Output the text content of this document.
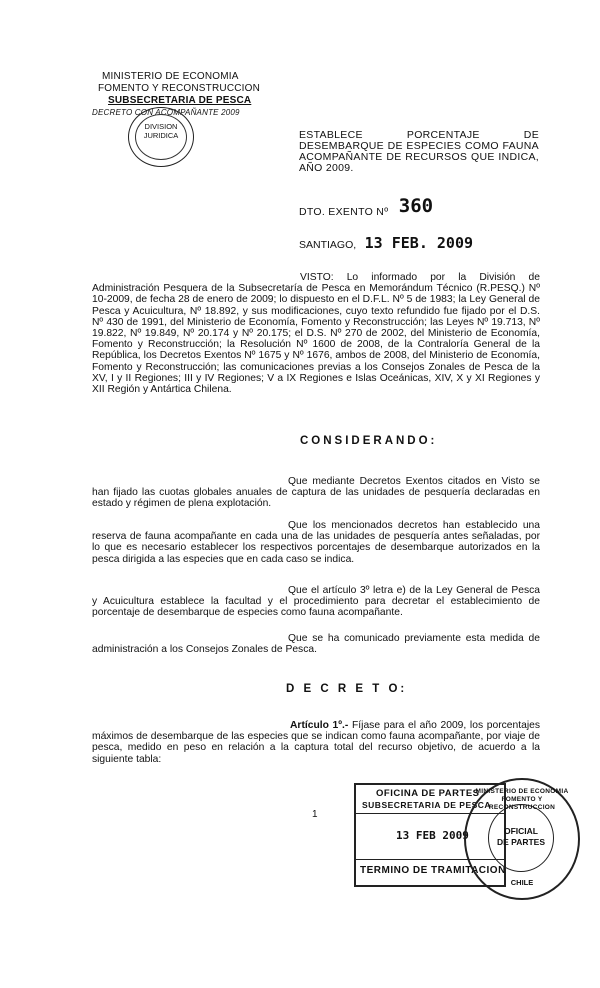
MINISTERIO DE ECONOMIA
FOMENTO Y RECONSTRUCCION
SUBSECRETARIA DE PESCA
DECRETO CON ACOMPAÑANTE 2009
DIVISION
JURIDICA	ESTABLECE PORCENTAJE DE DESEMBARQUE DE ESPECIES COMO FAUNA ACOMPAÑANTE DE RECURSOS QUE INDICA, AÑO 2009.
DTO. EXENTO Nº 360
SANTIAGO, 13 FEB. 2009
VISTO: Lo informado por la División de Administración Pesquera de la Subsecretaría de Pesca en Memorándum Técnico (R.PESQ.) Nº 10-2009, de fecha 28 de enero de 2009; lo dispuesto en el D.F.L. Nº 5 de 1983; la Ley General de Pesca y Acuicultura, Nº 18.892, y sus modificaciones, cuyo texto refundido fue fijado por el D.S. Nº 430 de 1991, del Ministerio de Economía, Fomento y Reconstrucción; las Leyes Nº 19.713, Nº 19.822, Nº 19.849, Nº 20.174 y Nº 20.175; el D.S. Nº 270 de 2002, del Ministerio de Economía, Fomento y Reconstrucción; la Resolución Nº 1600 de 2008, de la Contraloría General de la República, los Decretos Exentos Nº 1675 y Nº 1676, ambos de 2008, del Ministerio de Economía, Fomento y Reconstrucción; las comunicaciones previas a los Consejos Zonales de Pesca de la XV, I y II Regiones; III y IV Regiones; V a IX Regiones e Islas Oceánicas, XIV, X y XI Regiones y XII Región y Antártica Chilena.
CONSIDERANDO:
Que mediante Decretos Exentos citados en Visto se han fijado las cuotas globales anuales de captura de las unidades de pesquería declaradas en estado y régimen de plena explotación.
Que los mencionados decretos han establecido una reserva de fauna acompañante en cada una de las unidades de pesquería antes señaladas, por lo que es necesario establecer los respectivos porcentajes de desembarque autorizados en la pesca dirigida a las especies que en cada caso se indica.
Que el artículo 3º letra e) de la Ley General de Pesca y Acuicultura establece la facultad y el procedimiento para decretar el establecimiento de porcentaje de desembarque de especies como fauna acompañante.
Que se ha comunicado previamente esta medida de administración a los Consejos Zonales de Pesca.
D E C R E T O:
Artículo 1º.- Fíjase para el año 2009, los porcentajes máximos de desembarque de las especies que se indican como fauna acompañante, por viaje de pesca, medido en peso en relación a la captura total del recurso objetivo, de acuerdo a la siguiente tabla:
1
OFICINA DE PARTES
SUBSECRETARIA DE PESCA
13 FEB 2009
TERMINO DE TRAMITACION
MINISTERIO DE ECONOMIA FOMENTO Y RECONSTRUCCION
OFICIAL
DE PARTES
CHILE
